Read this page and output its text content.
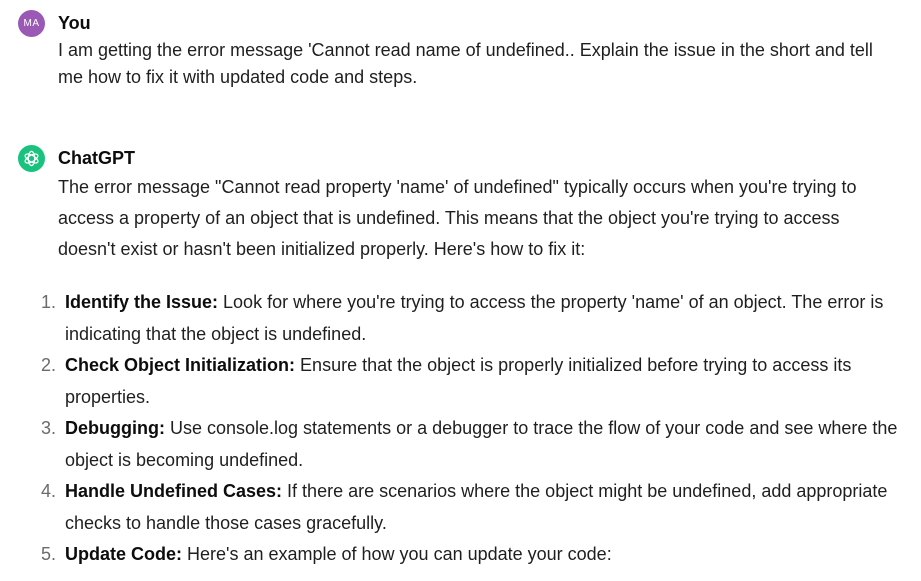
MA You

I am getting the error message 'Cannot read name of undefined.. Explain the issue in the short and tell me how to fix it with updated code and steps.

ChatGPT

The error message "Cannot read property 'name' of undefined" typically occurs when you're trying to access a property of an object that is undefined. This means that the object you're trying to access doesn't exist or hasn't been initialized properly. Here's how to fix it:

1. Identify the Issue: Look for where you're trying to access the property 'name' of an object. The error is indicating that the object is undefined.
2. Check Object Initialization: Ensure that the object is properly initialized before trying to access its properties.
3. Debugging: Use console.log statements or a debugger to trace the flow of your code and see where the object is becoming undefined.
4. Handle Undefined Cases: If there are scenarios where the object might be undefined, add appropriate checks to handle those cases gracefully.
5. Update Code: Here's an example of how you can update your code:
